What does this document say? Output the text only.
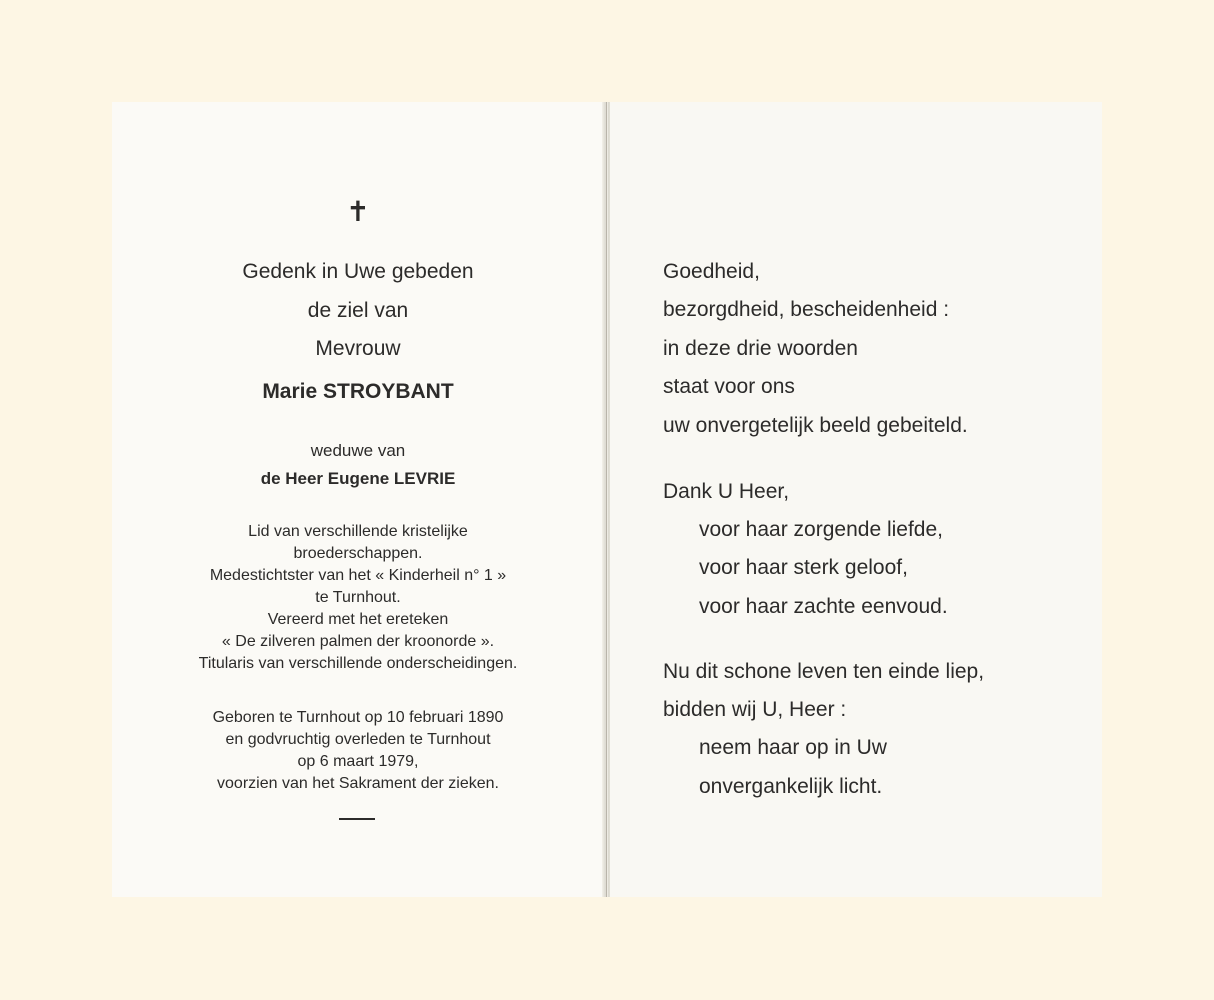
✝
Gedenk in Uwe gebeden
de ziel van
Mevrouw
Marie STROYBANT
weduwe van
de Heer Eugene LEVRIE
Lid van verschillende kristelijke
broederschappen.
Medestichtster van het « Kinderheil n° 1 »
te Turnhout.
Vereerd met het ereteken
« De zilveren palmen der kroonorde ».
Titularis van verschillende onderscheidingen.
Geboren te Turnhout op 10 februari 1890
en godvruchtig overleden te Turnhout
op 6 maart 1979,
voorzien van het Sakrament der zieken.
Goedheid,
bezorgdheid, bescheidenheid :
in deze drie woorden
staat voor ons
uw onvergetelijk beeld gebeiteld.
Dank U Heer,
voor haar zorgende liefde,
voor haar sterk geloof,
voor haar zachte eenvoud.
Nu dit schone leven ten einde liep,
bidden wij U, Heer :
neem haar op in Uw
onvergankelijk licht.
